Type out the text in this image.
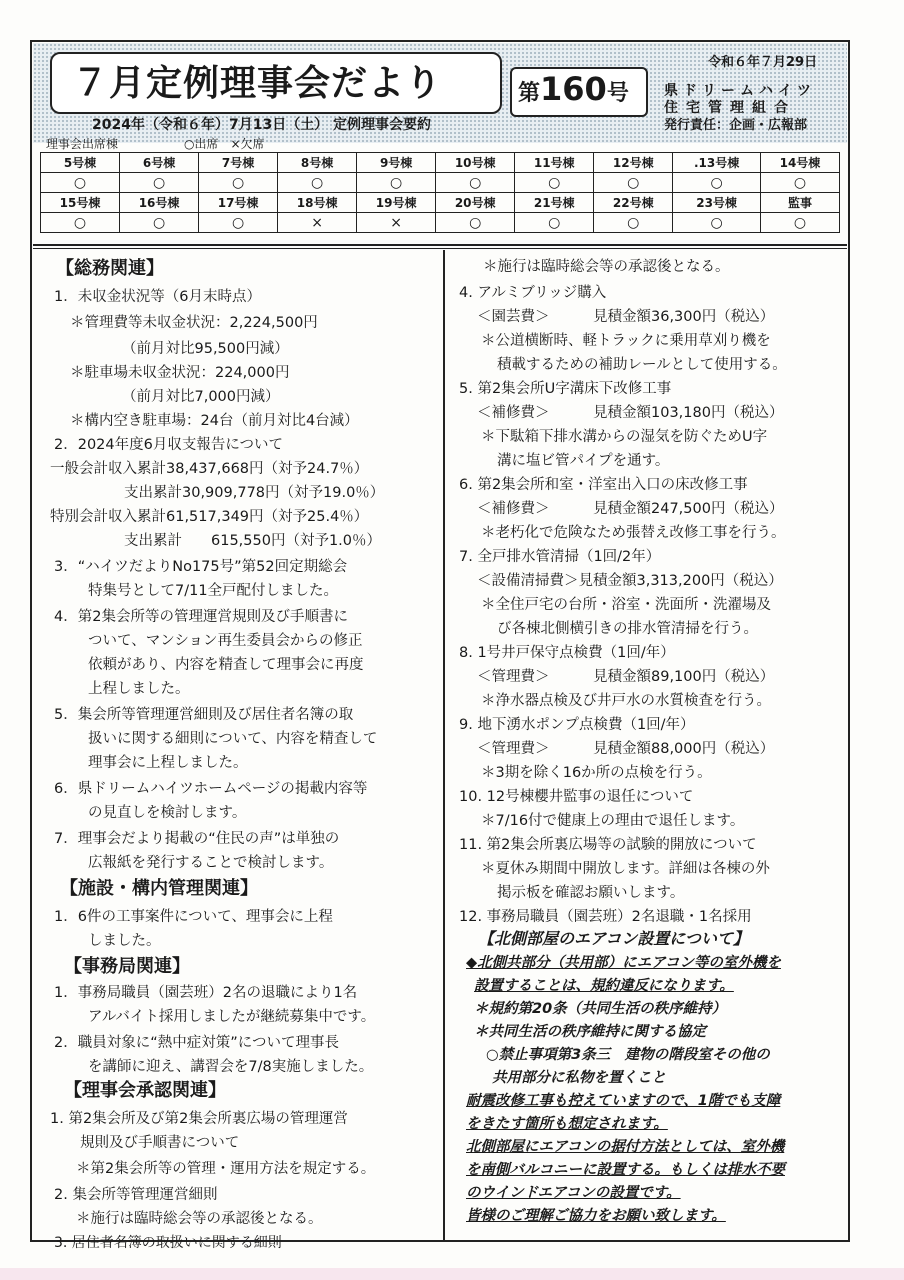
７月定例理事会だより
2024年（令和６年）7月13日（土） 定例理事会要約
第160号
令和６年７月29日
県ドリームハイツ
住宅管理組合
発行責任：企画・広報部
理事会出席棟	○出席　×欠席
5号棟	6号棟	7号棟	8号棟	9号棟	10号棟	11号棟	12号棟	.13号棟	14号棟
○	○	○	○	○	○	○	○	○	○
15号棟	16号棟	17号棟	18号棟	19号棟	20号棟	21号棟	22号棟	23号棟	監事
○	○	○	×	×	○	○	○	○	○
【総務関連】
1．未収金状況等（6月末時点）
＊管理費等未収金状況：2,224,500円
（前月対比95,500円減）
＊駐車場未収金状況：224,000円
（前月対比7,000円減）
＊構内空き駐車場：24台（前月対比4台減）
2．2024年度6月収支報告について
一般会計収入累計38,437,668円（対予24.7％）
支出累計30,909,778円（対予19.0％）
特別会計収入累計61,517,349円（対予25.4％）
支出累計　　615,550円（対予1.0％）
3．“ハイツだよりNo175号”第52回定期総会
特集号として7/11全戸配付しました。
4．第2集会所等の管理運営規則及び手順書に
ついて、マンション再生委員会からの修正
依頼があり、内容を精査して理事会に再度
上程しました。
5．集会所等管理運営細則及び居住者名簿の取
扱いに関する細則について、内容を精査して
理事会に上程しました。
6．県ドリームハイツホームページの掲載内容等
の見直しを検討します。
7．理事会だより掲載の“住民の声”は単独の
広報紙を発行することで検討します。
【施設・構内管理関連】
1．6件の工事案件について、理事会に上程
しました。
【事務局関連】
1．事務局職員（園芸班）2名の退職により1名
アルバイト採用しましたが継続募集中です。
2．職員対象に“熱中症対策”について理事長
を講師に迎え、講習会を7/8実施しました。
【理事会承認関連】
1. 第2集会所及び第2集会所裏広場の管理運営
規則及び手順書について
＊第2集会所等の管理・運用方法を規定する。
2. 集会所等管理運営細則
＊施行は臨時総会等の承認後となる。
3. 居住者名簿の取扱いに関する細則
＊施行は臨時総会等の承認後となる。
4. アルミブリッジ購入
＜園芸費＞　　　見積金額36,300円（税込）
＊公道横断時、軽トラックに乗用草刈り機を
積載するための補助レールとして使用する。
5. 第2集会所U字溝床下改修工事
＜補修費＞　　　見積金額103,180円（税込）
＊下駄箱下排水溝からの湿気を防ぐためU字
溝に塩ビ管パイプを通す。
6. 第2集会所和室・洋室出入口の床改修工事
＜補修費＞　　　見積金額247,500円（税込）
＊老朽化で危険なため張替え改修工事を行う。
7. 全戸排水管清掃（1回/2年）
＜設備清掃費＞見積金額3,313,200円（税込）
＊全住戸宅の台所・浴室・洗面所・洗濯場及
び各棟北側横引きの排水管清掃を行う。
8. 1号井戸保守点検費（1回/年）
＜管理費＞　　　見積金額89,100円（税込）
＊浄水器点検及び井戸水の水質検査を行う。
9. 地下湧水ポンプ点検費（1回/年）
＜管理費＞　　　見積金額88,000円（税込）
＊3期を除く16か所の点検を行う。
10. 12号棟櫻井監事の退任について
＊7/16付で健康上の理由で退任します。
11. 第2集会所裏広場等の試験的開放について
＊夏休み期間中開放します。詳細は各棟の外
掲示板を確認お願いします。
12. 事務局職員（園芸班）2名退職・1名採用
【北側部屋のエアコン設置について】
◆北側共部分（共用部）にエアコン等の室外機を
設置することは、規約違反になります。
＊規約第20条（共同生活の秩序維持）
＊共同生活の秩序維持に関する協定
○禁止事項第3条三　建物の階段室その他の
共用部分に私物を置くこと
耐震改修工事も控えていますので、1階でも支障
をきたす箇所も想定されます。
北側部屋にエアコンの据付方法としては、室外機
を南側バルコニーに設置する。もしくは排水不要
のウインドエアコンの設置です。
皆様のご理解ご協力をお願い致します。
